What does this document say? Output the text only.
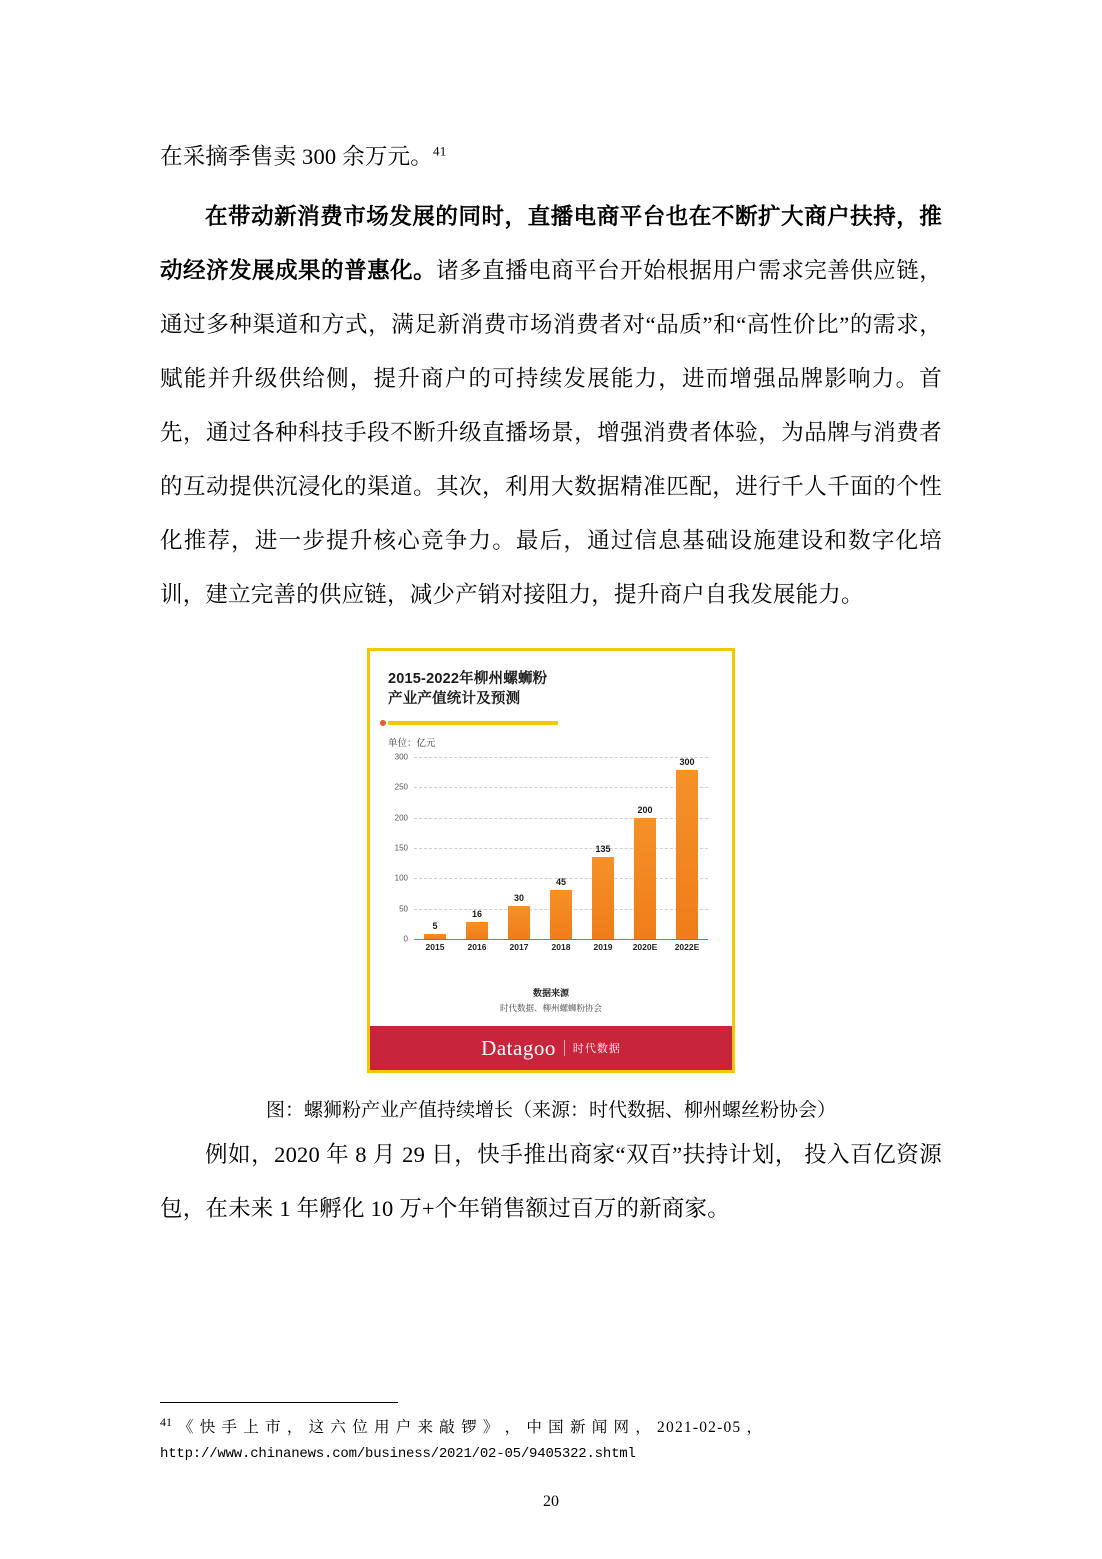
在采摘季售卖 300 余万元。$^{41}$

在带动新消费市场发展的同时，直播电商平台也在不断扩大商户扶持，推动经济发展成果的普惠化。诸多直播电商平台开始根据用户需求完善供应链，通过多种渠道和方式，满足新消费市场消费者对“品质”和“高性价比”的需求，赋能并升级供给侧，提升商户的可持续发展能力，进而增强品牌影响力。首先，通过各种科技手段不断升级直播场景，增强消费者体验，为品牌与消费者的互动提供沉浸化的渠道。其次，利用大数据精准匹配，进行千人千面的个性化推荐，进一步提升核心竞争力。最后，通过信息基础设施建设和数字化培训，建立完善的供应链，减少产销对接阻力，提升商户自我发展能力。

2015-2022年柳州螺蛳粉
产业产值统计及预测
单位：亿元
300
250
200
150
100
50
0
5
16
30
45
135
200
300
2015	2016	2017	2018	2019	2020E	2022E
数据来源
时代数据、柳州螺蛳粉协会
Datagoo 时代数据
图：螺狮粉产业产值持续增长（来源：时代数据、柳州螺丝粉协会）

例如，2020 年 8 月 29 日，快手推出商家“双百”扶持计划， 投入百亿资源包，在未来 1 年孵化 10 万+个年销售额过百万的新商家。

$^{41}$ 《 快 手 上 市 ， 这 六 位 用 户 来 敲 锣 》 ， 中 国 新 闻 网 ， 2021-02-05 ，
http://www.chinanews.com/business/2021/02-05/9405322.shtml
20
